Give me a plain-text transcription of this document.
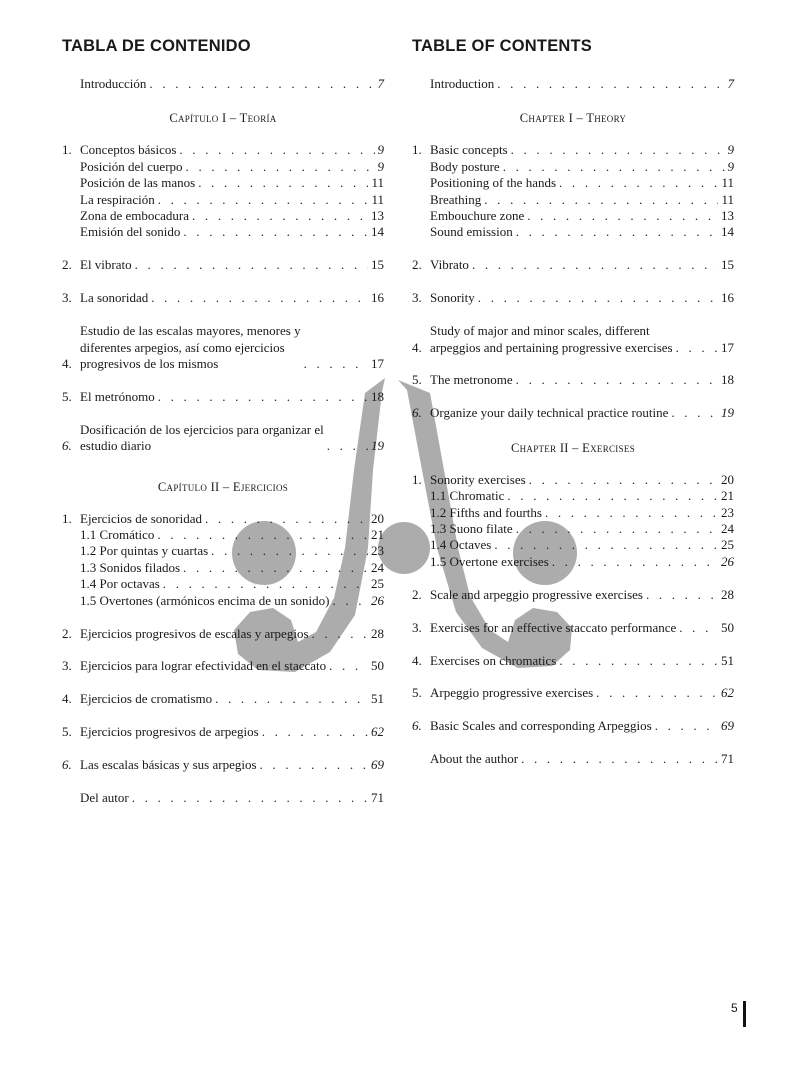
TABLA DE CONTENIDO
Introducción . . .	7
Capítulo I – Teoría
1. Conceptos básicos . . .	9
Posición del cuerpo . . .	9
Posición de las manos . . .	11
La respiración . . .	11
Zona de embocadura . . .	13
Emisión del sonido . . .	14
2. El vibrato . . .	15
3. La sonoridad . . .	16
4.
Estudio de las escalas mayores, menores y
diferentes arpegios, así como ejercicios
progresivos de los mismos . . .	17
5. El metrónomo . . .	18
6.
Dosificación de los ejercicios para organizar el
estudio diario . . .	19
Capítulo II – Ejercicios
1. Ejercicios de sonoridad . . .	20
1.1 Cromático . . .	21
1.2 Por quintas y cuartas . . .	23
1.3 Sonidos filados . . .	24
1.4 Por octavas . . .	25
1.5 Overtones (armónicos encima de un sonido) . . .	26
2. Ejercicios progresivos de escalas y arpegios . . .	28
3. Ejercicios para lograr efectividad en el staccato . . .	50
4. Ejercicios de cromatismo . . .	51
5. Ejercicios progresivos de arpegios . . .	62
6. Las escalas básicas y sus arpegios . . .	69
Del autor . . .	71
TABLE OF CONTENTS
Introduction . . .	7
Chapter I – Theory
1. Basic concepts . . .	9
Body posture . . .	9
Positioning of the hands . . .	11
Breathing . . .	11
Embouchure zone . . .	13
Sound emission . . .	14
2. Vibrato . . .	15
3. Sonority . . .	16
4.
Study of major and minor scales, different
arpeggios and pertaining progressive exercises . . .	17
5. The metronome . . .	18
6. Organize your daily technical practice routine . . .	19
Chapter II – Exercises
1. Sonority exercises . . .	20
1.1 Chromatic . . .	21
1.2 Fifths and fourths . . .	23
1.3 Suono filate . . .	24
1.4 Octaves . . .	25
1.5 Overtone exercises . . .	26
2. Scale and arpeggio progressive exercises . . .	28
3. Exercises for an effective staccato performance . . .	50
4. Exercises on chromatics . . .	51
5. Arpeggio progressive exercises . . .	62
6. Basic Scales and corresponding Arpeggios . . .	69
About the author . . .	71
5
